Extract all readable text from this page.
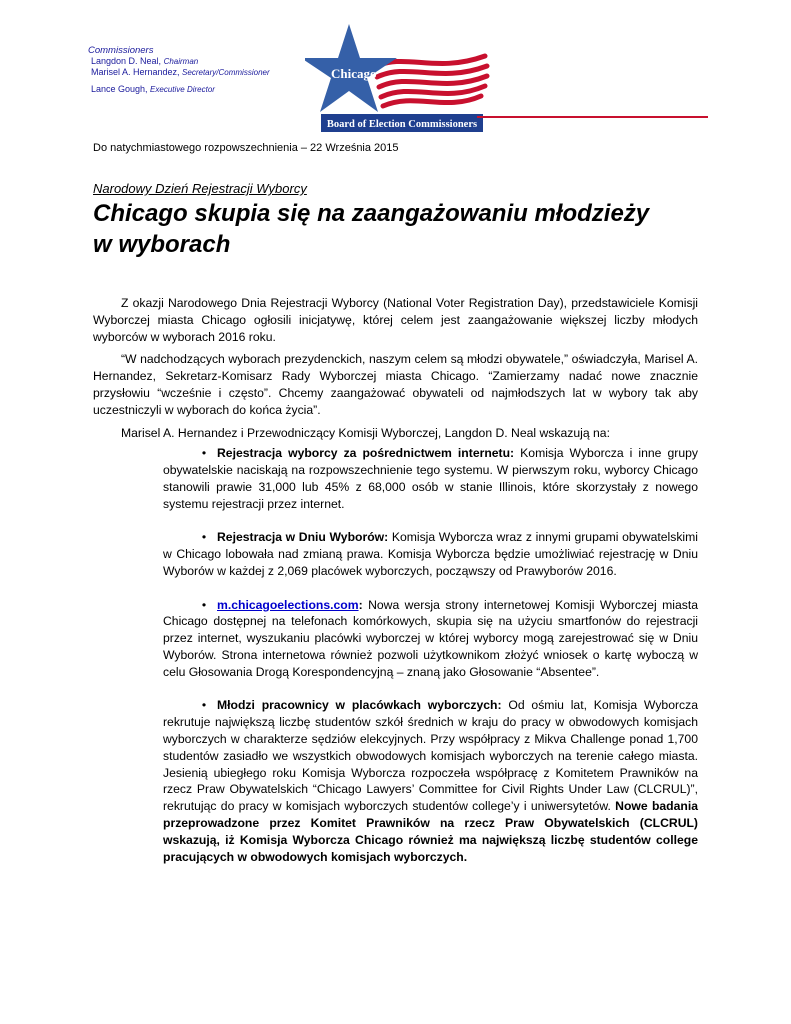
Commissioners
Langdon D. Neal, Chairman
Marisel A. Hernandez, Secretary/Commissioner
Lance Gough, Executive Director
Chicago
Board of Election Commissioners
Do natychmiastowego rozpowszechnienia – 22 Września 2015
Narodowy Dzień Rejestracji Wyborcy
Chicago skupia się na zaangażowaniu młodzieży
w wyborach

Z okazji Narodowego Dnia Rejestracji Wyborcy (National Voter Registration Day), przedstawiciele Komisji Wyborczej miasta Chicago ogłosili inicjatywę, której celem jest zaangażowanie większej liczby młodych wyborców w wyborach 2016 roku.

“W nadchodzących wyborach prezydenckich, naszym celem są młodzi obywatele,” oświadczyła, Marisel A. Hernandez, Sekretarz-Komisarz Rady Wyborczej miasta Chicago. “Zamierzamy nadać nowe znacznie przysłowiu “wcześnie i często”. Chcemy zaangażować obywateli od najmłodszych lat w wybory tak aby uczestniczyli w wyborach do końca życia”.

Marisel A. Hernandez i Przewodniczący Komisji Wyborczej, Langdon D. Neal wskazują na:

• Rejestracja wyborcy za pośrednictwem internetu: Komisja Wyborcza i inne grupy obywatelskie naciskają na rozpowszechnienie tego systemu. W pierwszym roku, wyborcy Chicago stanowili prawie 31,000 lub 45% z 68,000 osób w stanie Illinois, które skorzystały z nowego systemu rejestracji przez internet.
• Rejestracja w Dniu Wyborów: Komisja Wyborcza wraz z innymi grupami obywatelskimi w Chicago lobowała nad zmianą prawa. Komisja Wyborcza będzie umożliwiać rejestrację w Dniu Wyborów w każdej z 2,069 placówek wyborczych, począwszy od Prawyborów 2016.
• m.chicagoelections.com: Nowa wersja strony internetowej Komisji Wyborczej miasta Chicago dostępnej na telefonach komórkowych, skupia się na użyciu smartfonów do rejestracji przez internet, wyszukaniu placówki wyborczej w której wyborcy mogą zarejestrować się w Dniu Wyborów. Strona internetowa również pozwoli użytkownikom złożyć wniosek o kartę wyboczą w celu Głosowania Drogą Korespondencyjną – znaną jako Głosowanie “Absentee”.
• Młodzi pracownicy w placówkach wyborczych: Od ośmiu lat, Komisja Wyborcza rekrutuje największą liczbę studentów szkół średnich w kraju do pracy w obwodowych komisjach wyborczych w charakterze sędziów elekcyjnych. Przy współpracy z Mikva Challenge ponad 1,700 studentów zasiadło we wszystkich obwodowych komisjach wyborczych na terenie całego miasta. Jesienią ubiegłego roku Komisja Wyborcza rozpoczeła współpracę z Komitetem Prawników na rzecz Praw Obywatelskich “Chicago Lawyers’ Committee for Civil Rights Under Law (CLCRUL)”, rekrutując do pracy w komisjach wyborczych studentów college’y i uniwersytetów. Nowe badania przeprowadzone przez Komitet Prawników na rzecz Praw Obywatelskich (CLCRUL) wskazują, iż Komisja Wyborcza Chicago również ma największą liczbę studentów college pracujących w obwodowych komisjach wyborczych.
